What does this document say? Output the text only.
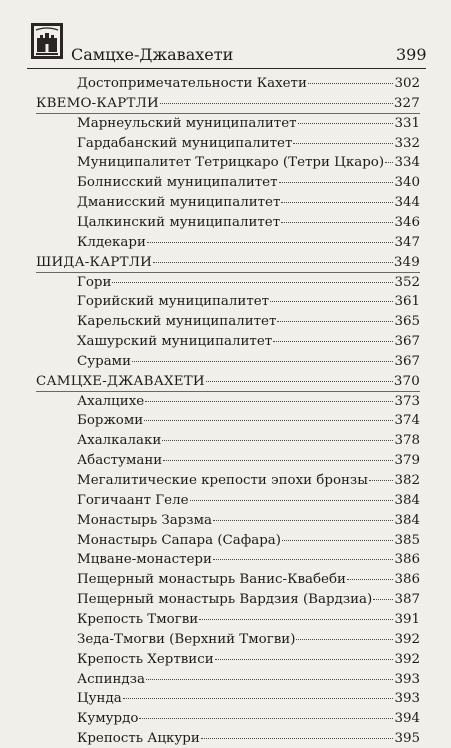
Самцхе-Джавахети	399
Достопримечательности Кахети	302
КВЕМО-КАРТЛИ	327
Марнеульский муниципалитет	331
Гардабанский муниципалитет	332
Муниципалитет Тетрицкаро (Тетри Цкаро) 334
Болнисский муниципалитет	340
Дманисский муниципалитет	344
Цалкинский муниципалитет	346
Клдекари	347
ШИДА-КАРТЛИ	349
Гори	352
Горийский муниципалитет	361
Карельский муниципалитет	365
Хашурский муниципалитет	367
Сурами	367
САМЦХЕ-ДЖАВАХЕТИ	370
Ахалцихе	373
Боржоми	374
Ахалкалаки	378
Абастумани	379
Мегалитические крепости эпохи бронзы 382
Гогичаант Геле	384
Монастырь Зарзма	384
Монастырь Сапара (Сафара)	385
Мцване-монастери	386
Пещерный монастырь Ванис-Квабеби	386
Пещерный монастырь Вардзия (Вардзиа) 387
Крепость Тмогви	391
Зеда-Тмогви (Верхний Тмогви)	392
Крепость Хертвиси	392
Аспиндза	393
Цунда	393
Кумурдо	394
Крепость Ацкури	395
